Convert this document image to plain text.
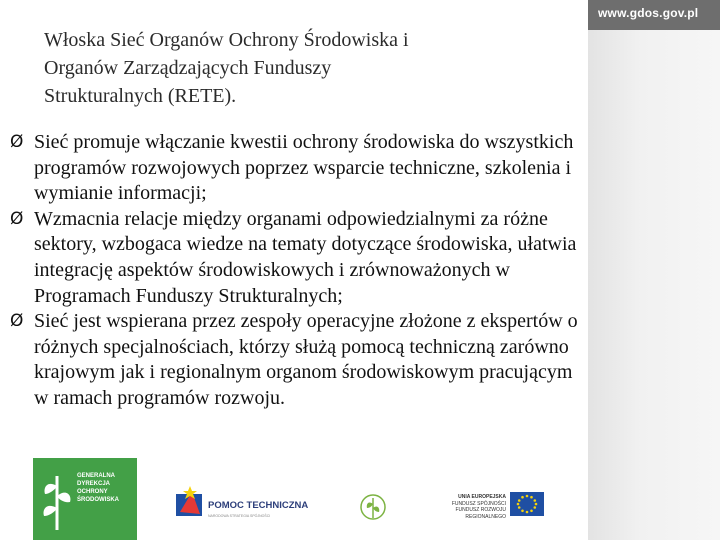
www.gdos.gov.pl
Włoska Sieć Organów Ochrony Środowiska i
Organów Zarządzających Funduszy
Strukturalnych (RETE).
Ø Sieć promuje włączanie kwestii ochrony środowiska do wszystkich programów rozwojowych poprzez wsparcie techniczne, szkolenia i wymianie informacji;
Ø Wzmacnia relacje między organami odpowiedzialnymi za różne sektory, wzbogaca wiedze na tematy dotyczące środowiska, ułatwia integrację aspektów środowiskowych i zrównoważonych w Programach Funduszy Strukturalnych;
Ø Sieć jest wspierana przez zespoły operacyjne złożone z ekspertów o różnych specjalnościach, którzy służą pomocą techniczną zarówno krajowym jak i regionalnym organom środowiskowym pracującym w ramach programów rozwoju.
GENERALNA
DYREKCJA
OCHRONY
ŚRODOWISKA	POMOC TECHNICZNA
NARODOWA STRATEGIA SPÓJNOŚCI
UNIA EUROPEJSKA
FUNDUSZ SPÓJNOŚCI
FUNDUSZ ROZWOJU REGIONALNEGO
